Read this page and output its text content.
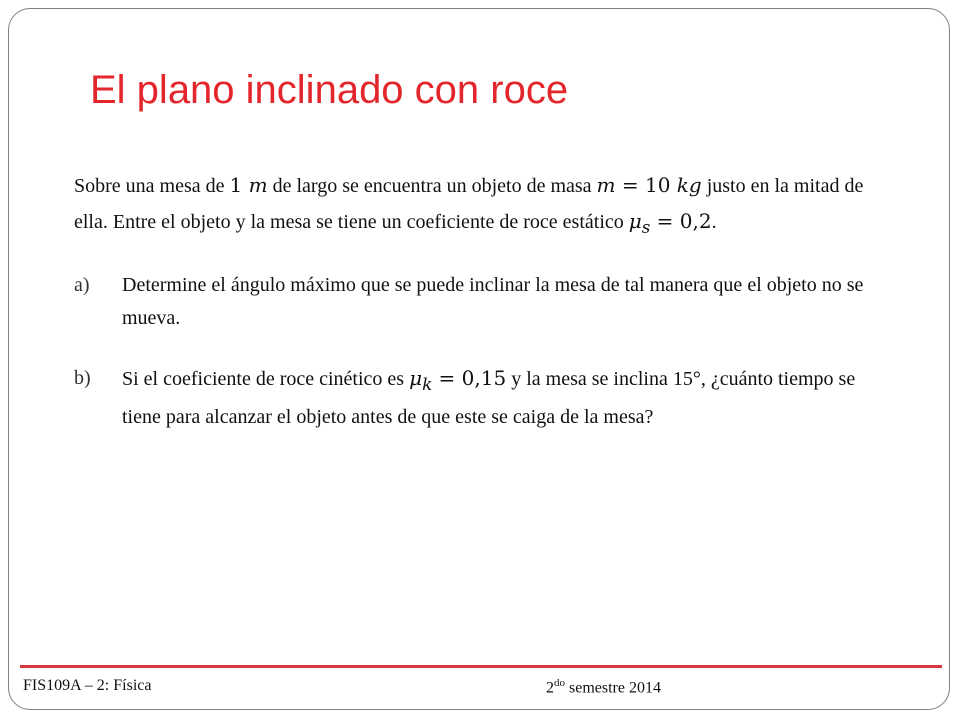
El plano inclinado con roce

Sobre una mesa de 1 m de largo se encuentra un objeto de masa m = 10 kg justo en la mitad de ella. Entre el objeto y la mesa se tiene un coeficiente de roce estático $\mu_s = 0,2$.

a) Determine el ángulo máximo que se puede inclinar la mesa de tal manera que el objeto no se mueva.
b) Si el coeficiente de roce cinético es $\mu_k = 0,15$ y la mesa se inclina 15°, ¿cuánto tiempo se tiene para alcanzar el objeto antes de que este se caiga de la mesa?
FIS109A – 2: Física	$2^{do}$ semestre 2014
